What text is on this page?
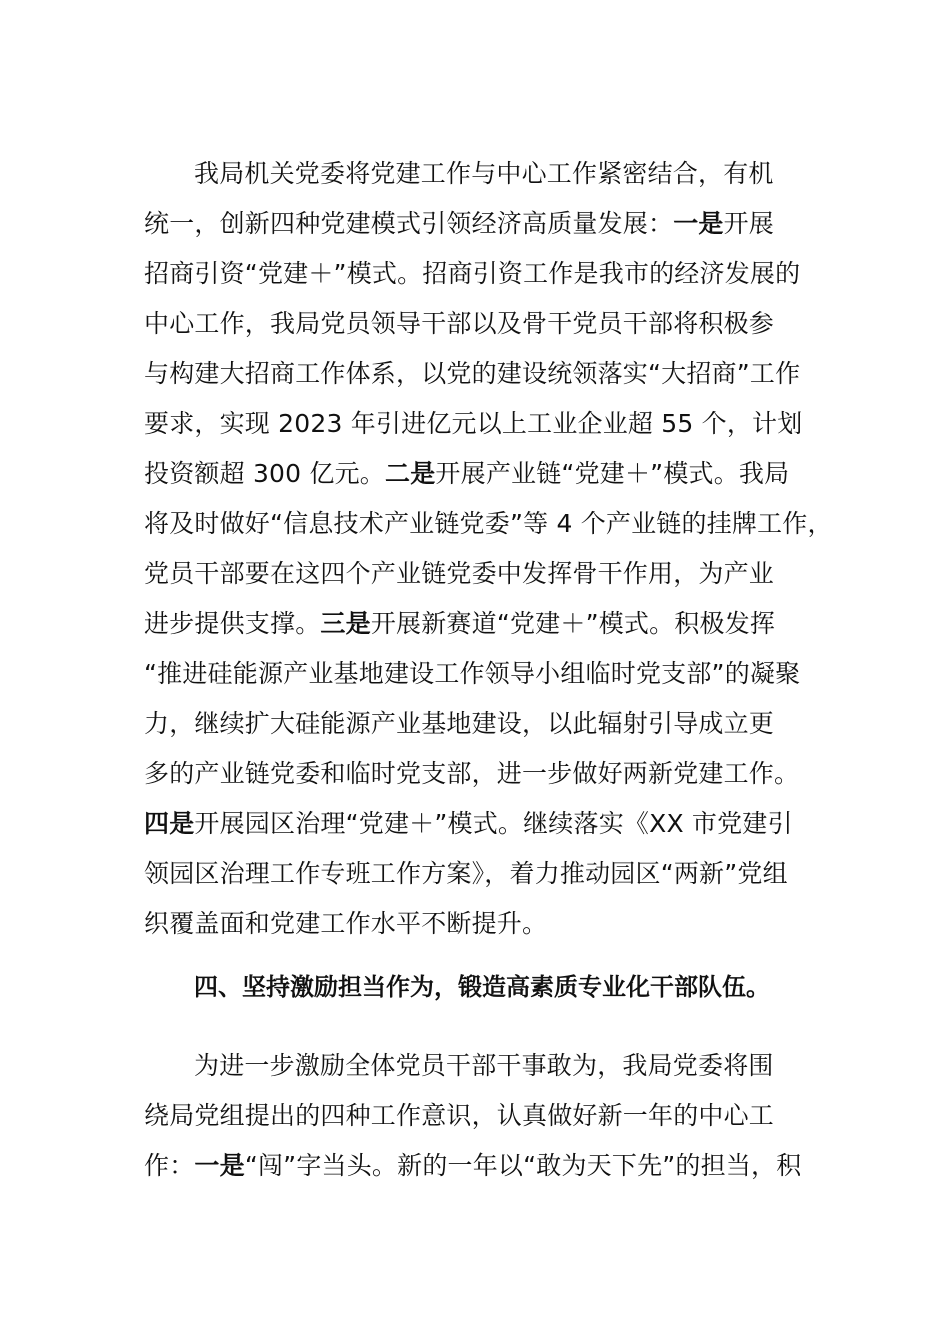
我局机关党委将党建工作与中心工作紧密结合，有机
统一，创新四种党建模式引领经济高质量发展：一是开展
招商引资“党建＋”模式。招商引资工作是我市的经济发展的
中心工作，我局党员领导干部以及骨干党员干部将积极参
与构建大招商工作体系，以党的建设统领落实“大招商”工作
要求，实现 2023 年引进亿元以上工业企业超 55 个，计划
投资额超 300 亿元。二是开展产业链“党建＋”模式。我局
将及时做好“信息技术产业链党委”等 4 个产业链的挂牌工作，
党员干部要在这四个产业链党委中发挥骨干作用，为产业
进步提供支撑。三是开展新赛道“党建＋”模式。积极发挥
“推进硅能源产业基地建设工作领导小组临时党支部”的凝聚
力，继续扩大硅能源产业基地建设，以此辐射引导成立更
多的产业链党委和临时党支部，进一步做好两新党建工作。
四是开展园区治理“党建＋”模式。继续落实《XX 市党建引
领园区治理工作专班工作方案》，着力推动园区“两新”党组
织覆盖面和党建工作水平不断提升。
四、坚持激励担当作为，锻造高素质专业化干部队伍。
为进一步激励全体党员干部干事敢为，我局党委将围
绕局党组提出的四种工作意识，认真做好新一年的中心工
作：一是“闯”字当头。新的一年以“敢为天下先”的担当，积
